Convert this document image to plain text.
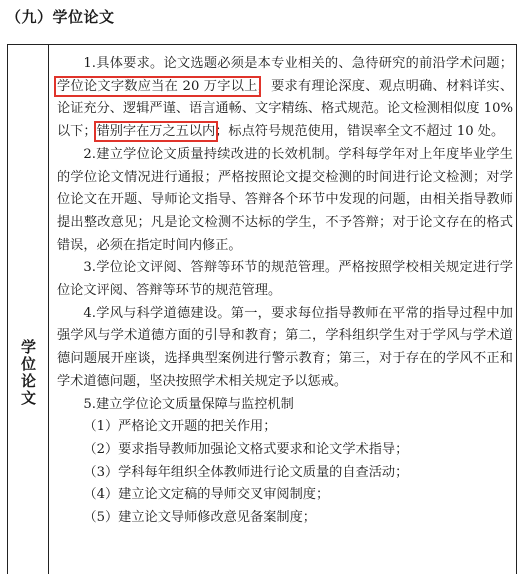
（九）学位论文
学位论文

1.具体要求。论文选题必须是本专业相关的、急待研究的前沿学术问题；学位论文字数应当在 20 万字以上，要求有理论深度、观点明确、材料详实、论证充分、逻辑严谨、语言通畅、文字精练、格式规范。论文检测相似度 10%以下；错别字在万之五以内；标点符号规范使用，错误率全文不超过 10 处。

2.建立学位论文质量持续改进的长效机制。学科每学年对上年度毕业学生的学位论文情况进行通报；严格按照论文提交检测的时间进行论文检测；对学位论文在开题、导师论文指导、答辩各个环节中发现的问题，由相关指导教师提出整改意见；凡是论文检测不达标的学生，不予答辩；对于论文存在的格式错误，必须在指定时间内修正。

3.学位论文评阅、答辩等环节的规范管理。严格按照学校相关规定进行学位论文评阅、答辩等环节的规范管理。

4.学风与科学道德建设。第一，要求每位指导教师在平常的指导过程中加强学风与学术道德方面的引导和教育；第二，学科组织学生对于学风与学术道德问题展开座谈，选择典型案例进行警示教育；第三，对于存在的学风不正和学术道德问题，坚决按照学术相关规定予以惩戒。

5.建立学位论文质量保障与监控机制

（1）严格论文开题的把关作用；

（2）要求指导教师加强论文格式要求和论文学术指导；

（3）学科每年组织全体教师进行论文质量的自查活动；

（4）建立论文定稿的导师交叉审阅制度；

（5）建立论文导师修改意见备案制度；
